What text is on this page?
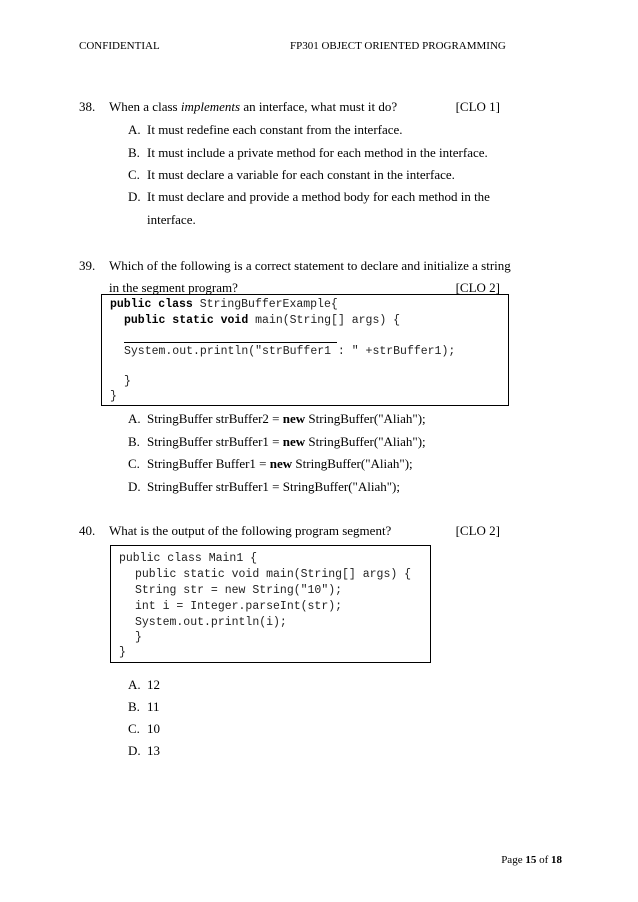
CONFIDENTIAL	FP301 OBJECT ORIENTED PROGRAMMING
38. When a class implements an interface, what must it do?	[CLO 1]
A. It must redefine each constant from the interface.
B. It must include a private method for each method in the interface.
C. It must declare a variable for each constant in the interface.
D. It must declare and provide a method body for each method in the
interface.
39. Which of the following is a correct statement to declare and initialize a string
in the segment program?	[CLO 2]

public class StringBufferExample{

public static void main(String[] args) {

System.out.println("strBuffer1 : " +strBuffer1);

}

}

A. StringBuffer strBuffer2 = new StringBuffer("Aliah");
B. StringBuffer strBuffer1 = new StringBuffer("Aliah");
C. StringBuffer Buffer1 = new StringBuffer("Aliah");
D. StringBuffer strBuffer1 = StringBuffer("Aliah");
40. What is the output of the following program segment?	[CLO 2]

public class Main1 {

public static void main(String[] args) {

String str = new String("10");

int i = Integer.parseInt(str);

System.out.println(i);

}

}

A. 12
B. 11
C. 10
D. 13
Page 15 of 18
